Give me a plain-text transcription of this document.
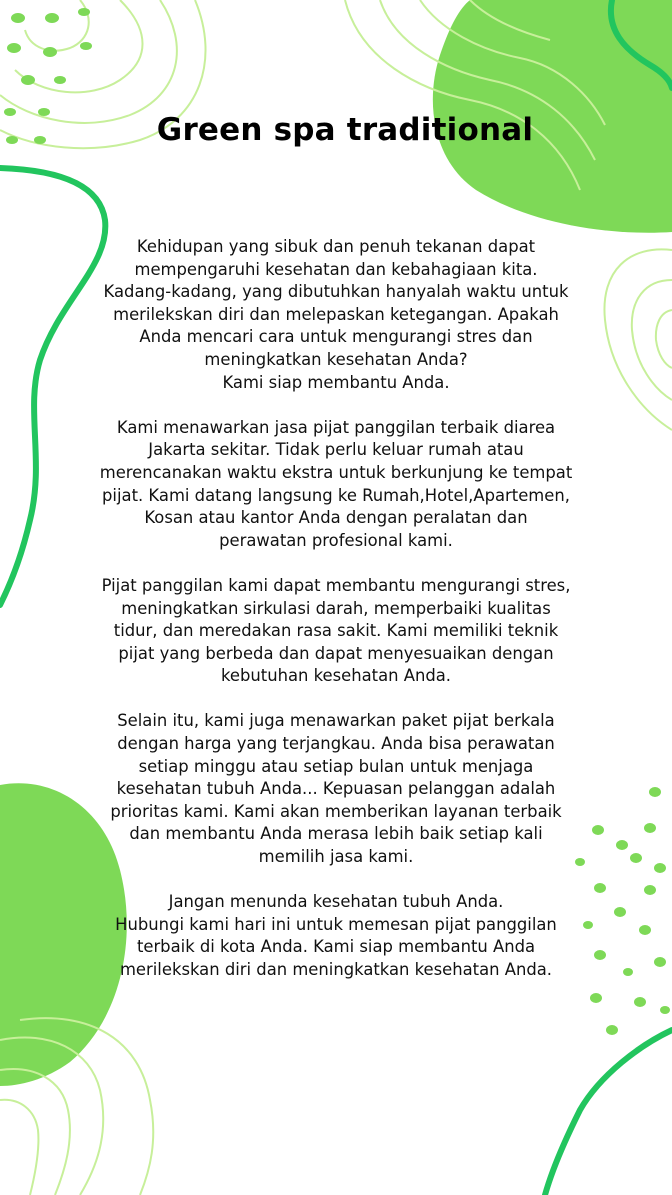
Green spa traditional

Kehidupan yang sibuk dan penuh tekanan dapat
mempengaruhi kesehatan dan kebahagiaan kita.
Kadang-kadang, yang dibutuhkan hanyalah waktu untuk
merilekskan diri dan melepaskan ketegangan. Apakah
Anda mencari cara untuk mengurangi stres dan
meningkatkan kesehatan Anda?
Kami siap membantu Anda.

Kami menawarkan jasa pijat panggilan terbaik diarea
Jakarta sekitar. Tidak perlu keluar rumah atau
merencanakan waktu ekstra untuk berkunjung ke tempat
pijat. Kami datang langsung ke Rumah,Hotel,Apartemen,
Kosan atau kantor Anda dengan peralatan dan
perawatan profesional kami.

Pijat panggilan kami dapat membantu mengurangi stres,
meningkatkan sirkulasi darah, memperbaiki kualitas
tidur, dan meredakan rasa sakit. Kami memiliki teknik
pijat yang berbeda dan dapat menyesuaikan dengan
kebutuhan kesehatan Anda.

Selain itu, kami juga menawarkan paket pijat berkala
dengan harga yang terjangkau. Anda bisa perawatan
setiap minggu atau setiap bulan untuk menjaga
kesehatan tubuh Anda... Kepuasan pelanggan adalah
prioritas kami. Kami akan memberikan layanan terbaik
dan membantu Anda merasa lebih baik setiap kali
memilih jasa kami.

Jangan menunda kesehatan tubuh Anda.
Hubungi kami hari ini untuk memesan pijat panggilan
terbaik di kota Anda. Kami siap membantu Anda
merilekskan diri dan meningkatkan kesehatan Anda.
